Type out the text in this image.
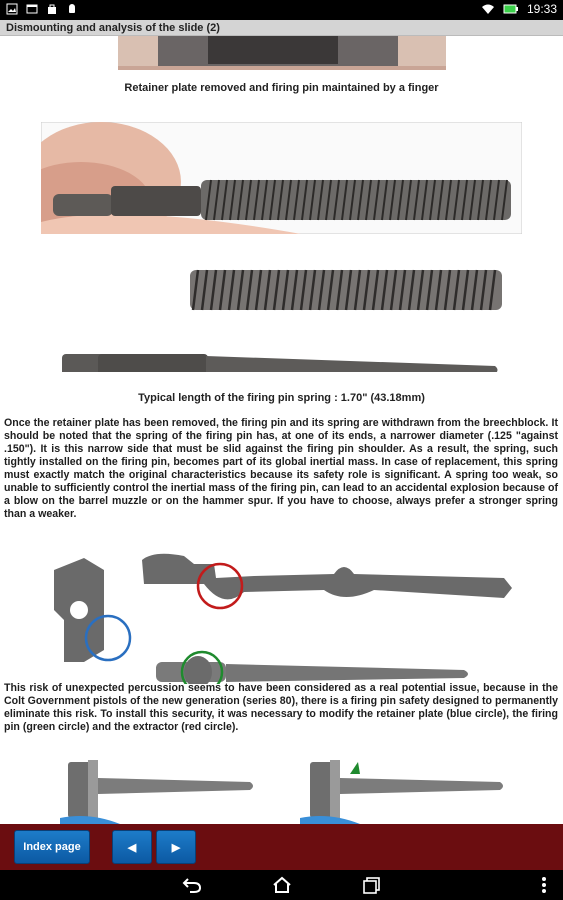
19:33
Dismounting and analysis of the slide (2)
Retainer plate removed and firing pin maintained by a finger
Typical length of the firing pin spring : 1.70" (43.18mm)
Once the retainer plate has been removed, the firing pin and its spring are withdrawn from the breechblock. It should be noted that the spring of the firing pin has, at one of its ends, a narrower diameter (.125 "against .150"). It is this narrow side that must be slid against the firing pin shoulder. As a result, the spring, such tightly installed on the firing pin, becomes part of its global inertial mass. In case of replacement, this spring must exactly match the original characteristics because its safety role is significant. A spring too weak, so unable to sufficiently control the inertial mass of the firing pin, can lead to an accidental explosion because of a blow on the barrel muzzle or on the hammer spur. If you have to choose, always prefer a stronger spring than a weaker.
This risk of unexpected percussion seems to have been considered as a real potential issue, because in the Colt Government pistols of the new generation (series 80), there is a firing pin safety designed to permanently eliminate this risk. To install this security, it was necessary to modify the retainer plate (blue circle), the firing pin (green circle) and the extractor (red circle).
Index page	◀	▶
